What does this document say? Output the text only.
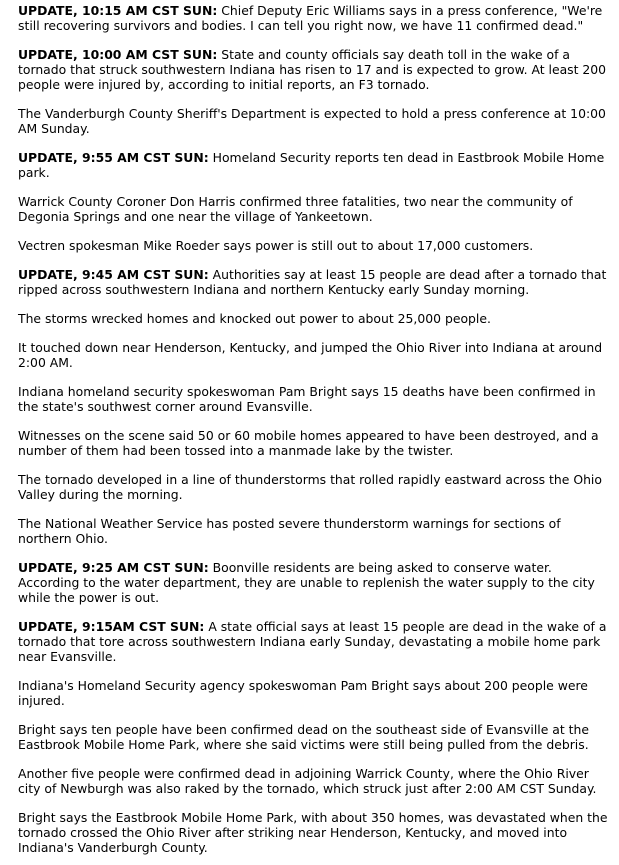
UPDATE, 10:15 AM CST SUN: Chief Deputy Eric Williams says in a press conference, "We're still recovering survivors and bodies. I can tell you right now, we have 11 confirmed dead."

UPDATE, 10:00 AM CST SUN: State and county officials say death toll in the wake of a tornado that struck southwestern Indiana has risen to 17 and is expected to grow. At least 200 people were injured by, according to initial reports, an F3 tornado.

The Vanderburgh County Sheriff's Department is expected to hold a press conference at 10:00 AM Sunday.

UPDATE, 9:55 AM CST SUN: Homeland Security reports ten dead in Eastbrook Mobile Home park.

Warrick County Coroner Don Harris confirmed three fatalities, two near the community of Degonia Springs and one near the village of Yankeetown.

Vectren spokesman Mike Roeder says power is still out to about 17,000 customers.

UPDATE, 9:45 AM CST SUN: Authorities say at least 15 people are dead after a tornado that ripped across southwestern Indiana and northern Kentucky early Sunday morning.

The storms wrecked homes and knocked out power to about 25,000 people.

It touched down near Henderson, Kentucky, and jumped the Ohio River into Indiana at around 2:00 AM.

Indiana homeland security spokeswoman Pam Bright says 15 deaths have been confirmed in the state's southwest corner around Evansville.

Witnesses on the scene said 50 or 60 mobile homes appeared to have been destroyed, and a number of them had been tossed into a manmade lake by the twister.

The tornado developed in a line of thunderstorms that rolled rapidly eastward across the Ohio Valley during the morning.

The National Weather Service has posted severe thunderstorm warnings for sections of northern Ohio.

UPDATE, 9:25 AM CST SUN: Boonville residents are being asked to conserve water. According to the water department, they are unable to replenish the water supply to the city while the power is out.

UPDATE, 9:15AM CST SUN: A state official says at least 15 people are dead in the wake of a tornado that tore across southwestern Indiana early Sunday, devastating a mobile home park near Evansville.

Indiana's Homeland Security agency spokeswoman Pam Bright says about 200 people were injured.

Bright says ten people have been confirmed dead on the southeast side of Evansville at the Eastbrook Mobile Home Park, where she said victims were still being pulled from the debris.

Another five people were confirmed dead in adjoining Warrick County, where the Ohio River city of Newburgh was also raked by the tornado, which struck just after 2:00 AM CST Sunday.

Bright says the Eastbrook Mobile Home Park, with about 350 homes, was devastated when the tornado crossed the Ohio River after striking near Henderson, Kentucky, and moved into Indiana's Vanderburgh County.
